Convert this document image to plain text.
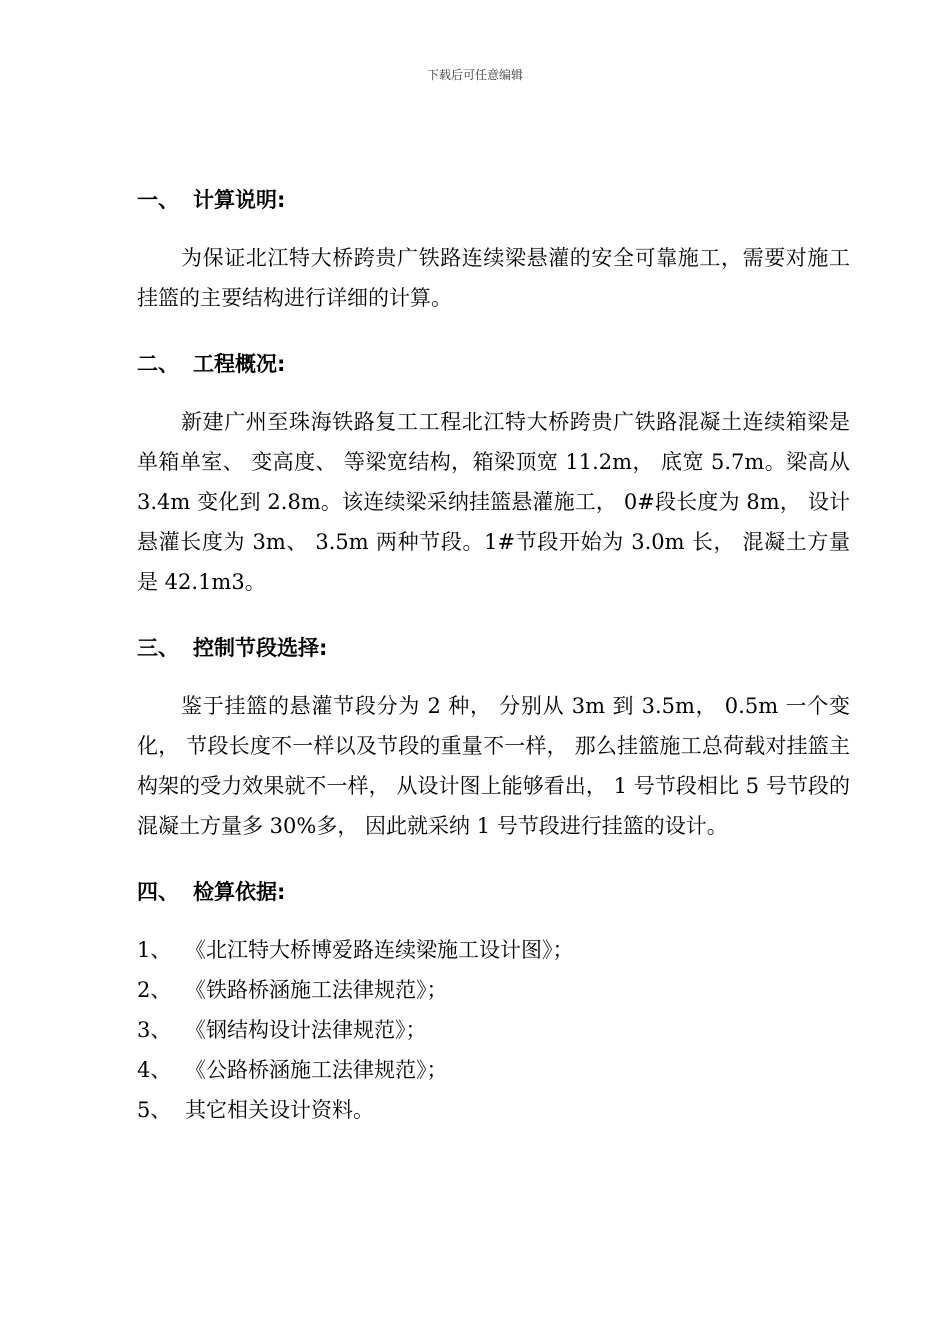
下载后可任意编辑
一、 计算说明:

为保证北江特大桥跨贵广铁路连续梁悬灌的安全可靠施工，需要对施工挂篮的主要结构进行详细的计算。

二、 工程概况:

新建广州至珠海铁路复工工程北江特大桥跨贵广铁路混凝土连续箱梁是单箱单室、 变高度、 等梁宽结构，箱梁顶宽 11.2m， 底宽 5.7m。梁高从 3.4m 变化到 2.8m。该连续梁采纳挂篮悬灌施工， 0#段长度为 8m， 设计悬灌长度为 3m、 3.5m 两种节段。1#节段开始为 3.0m 长， 混凝土方量是 42.1m3。

三、 控制节段选择:

鉴于挂篮的悬灌节段分为 2 种， 分别从 3m 到 3.5m， 0.5m 一个变化， 节段长度不一样以及节段的重量不一样， 那么挂篮施工总荷载对挂篮主构架的受力效果就不一样， 从设计图上能够看出， 1 号节段相比 5 号节段的混凝土方量多 30%多， 因此就采纳 1 号节段进行挂篮的设计。

四、 检算依据:
1、 《北江特大桥博爱路连续梁施工设计图》；
2、 《铁路桥涵施工法律规范》；
3、 《钢结构设计法律规范》；
4、 《公路桥涵施工法律规范》；
5、 其它相关设计资料。
